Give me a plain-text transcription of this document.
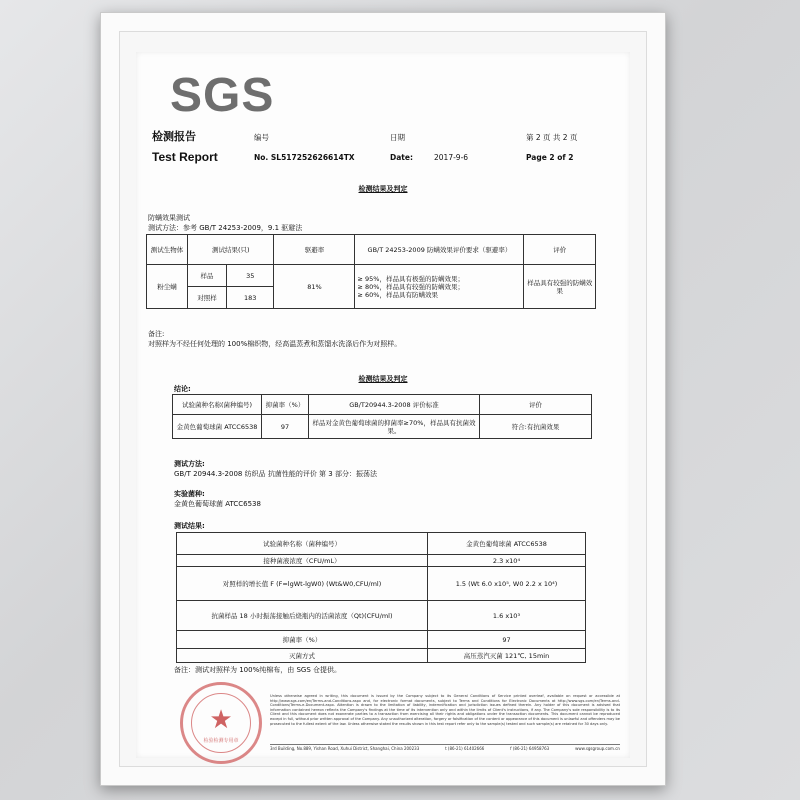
SGS
检测报告
Test Report
编号
No. SL517252626614TX
日期
Date:	2017-9-6
第 2 页 共 2 页
Page 2 of 2
检测结果及判定
防螨效果测试
测试方法：参考 GB/T 24253-2009，9.1 驱避法
测试生物体	测试结果(只)		驱避率	GB/T 24253-2009 防螨效果评价要求（驱避率）	评价
粉尘螨	样品	35	81%	≥ 95%，样品具有极强的防螨效果；
≥ 80%，样品具有较强的防螨效果；
≥ 60%，样品具有防螨效果	样品具有较强的防螨效果
	对照样	183			
备注:
对照样为不经任何处理的 100%棉织物，经高温蒸煮和蒸馏水洗涤后作为对照样。
检测结果及判定
结论:
试验菌种名称(菌种编号)	抑菌率（%）	GB/T20944.3-2008 评价标准	评价
金黄色葡萄球菌 ATCC6538	97	样品对金黄色葡萄球菌的抑菌率≥70%，样品具有抗菌效果。	符合:有抗菌效果
测试方法:
GB/T 20944.3-2008 纺织品 抗菌性能的评价 第 3 部分：振荡法
实验菌种:
金黄色葡萄球菌 ATCC6538
测试结果:
试验菌种名称（菌种编号）	金黄色葡萄球菌 ATCC6538
接种菌液浓度（CFU/mL）	2.3 x10⁴
对照样的增长值 F (F=lgWt-lgW0) (Wt&W0,CFU/ml)	1.5 (Wt 6.0 x10⁵, W0 2.2 x 10⁴)
抗菌样品 18 小时振荡接触后烧瓶内的活菌浓度（Qt)(CFU/ml)	1.6 x10³
抑菌率（%）	97
灭菌方式	高压蒸汽灭菌 121℃, 15min
备注：测试对照样为 100%纯棉布，由 SGS 仓提供。
★
检验检测专用章
Unless otherwise agreed in writing, this document is issued by the Company subject to its General Conditions of Service printed overleaf, available on request or accessible at http://www.sgs.com/en/Terms-and-Conditions.aspx and, for electronic format documents, subject to Terms and Conditions for Electronic Documents at http://www.sgs.com/en/Terms-and-Conditions/Terms-e-Document.aspx. Attention is drawn to the limitation of liability, indemnification and jurisdiction issues defined therein. Any holder of this document is advised that information contained hereon reflects the Company's findings at the time of its intervention only and within the limits of Client's instructions, if any. The Company's sole responsibility is to its Client and this document does not exonerate parties to a transaction from exercising all their rights and obligations under the transaction documents. This document cannot be reproduced except in full, without prior written approval of the Company. Any unauthorized alteration, forgery or falsification of the content or appearance of this document is unlawful and offenders may be prosecuted to the fullest extent of the law. Unless otherwise stated the results shown in this test report refer only to the sample(s) tested and such sample(s) are retained for 30 days only.
3rd Building, No.889, Yishan Road, Xuhui District, Shanghai, China 200233	t (86-21) 61402666	f (86-21) 64958763	www.sgsgroup.com.cn
